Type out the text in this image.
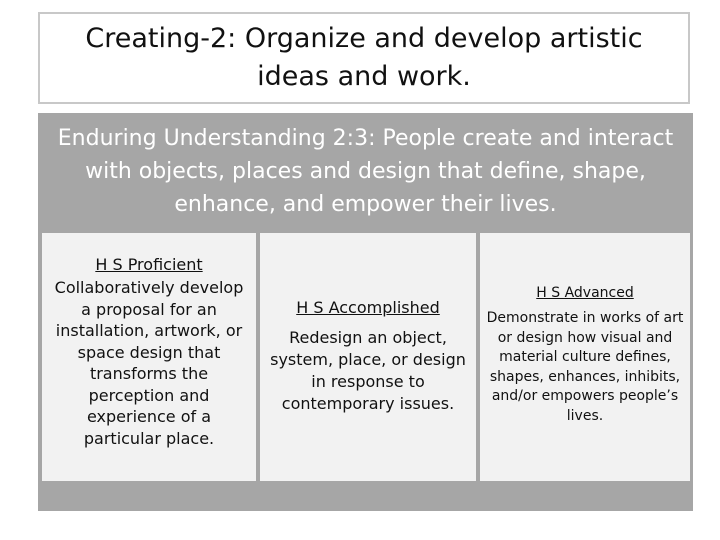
Creating-2: Organize and develop artistic ideas and work.
Enduring Understanding 2:3: People create and interact with objects, places and design that define, shape, enhance, and empower their lives.
H S Proficient
Collaboratively develop a proposal for an installation, artwork, or space design that transforms the perception and experience of a particular place.
H S Accomplished
Redesign an object, system, place, or design in response to contemporary issues.
H S Advanced
Demonstrate in works of art or design how visual and material culture defines, shapes, enhances, inhibits, and/or empowers people’s lives.
